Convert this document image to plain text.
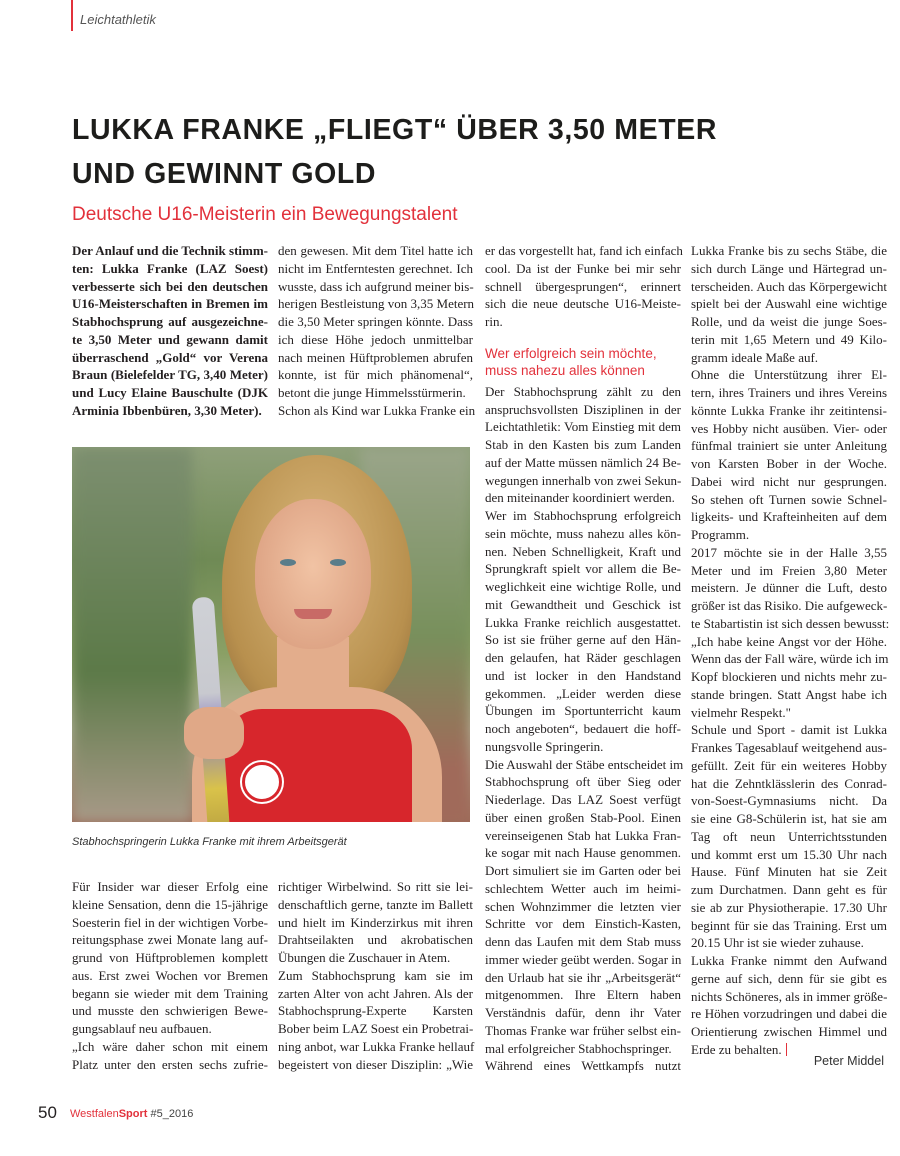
Leichtathletik
LUKKA FRANKE „FLIEGT“ ÜBER 3,50 METER
UND GEWINNT GOLD
Deutsche U16-Meisterin ein Bewegungstalent
Der Anlauf und die Technik stimm-
ten: Lukka Franke (LAZ Soest)
verbesserte sich bei den deutschen
U16-Meisterschaften in Bremen im
Stabhochsprung auf ausgezeichne-
te 3,50 Meter und gewann damit
überraschend „Gold“ vor Verena
Braun (Bielefelder TG, 3,40 Meter)
und Lucy Elaine Bauschulte (DJK
Arminia Ibbenbüren, 3,30 Meter).
den gewesen. Mit dem Titel hatte ich
nicht im Entferntesten gerechnet. Ich
wusste, dass ich aufgrund meiner bis-
herigen Bestleistung von 3,35 Metern
die 3,50 Meter springen könnte. Dass
ich diese Höhe jedoch unmittelbar
nach meinen Hüftproblemen abrufen
konnte, ist für mich phänomenal“,
betont die junge Himmelsstürmerin.
Schon als Kind war Lukka Franke ein
Stabhochspringerin Lukka Franke mit ihrem Arbeitsgerät
Für Insider war dieser Erfolg eine
kleine Sensation, denn die 15-jährige
Soesterin fiel in der wichtigen Vorbe-
reitungsphase zwei Monate lang auf-
grund von Hüftproblemen komplett
aus. Erst zwei Wochen vor Bremen
begann sie wieder mit dem Training
und musste den schwierigen Bewe-
gungsablauf neu aufbauen.
„Ich wäre daher schon mit einem
Platz unter den ersten sechs zufrie-
richtiger Wirbelwind. So ritt sie lei-
denschaftlich gerne, tanzte im Ballett
und hielt im Kinderzirkus mit ihren
Drahtseilakten und akrobatischen
Übungen die Zuschauer in Atem.
Zum Stabhochsprung kam sie im
zarten Alter von acht Jahren. Als der
Stabhochsprung-Experte Karsten
Bober beim LAZ Soest ein Probetrai-
ning anbot, war Lukka Franke hellauf
begeistert von dieser Disziplin: „Wie
er das vorgestellt hat, fand ich einfach
cool. Da ist der Funke bei mir sehr
schnell übergesprungen“, erinnert
sich die neue deutsche U16-Meiste-
rin.
Wer erfolgreich sein möchte,
muss nahezu alles können
Der Stabhochsprung zählt zu den
anspruchsvollsten Disziplinen in der
Leichtathletik: Vom Einstieg mit dem
Stab in den Kasten bis zum Landen
auf der Matte müssen nämlich 24 Be-
wegungen innerhalb von zwei Sekun-
den miteinander koordiniert werden.
Wer im Stabhochsprung erfolgreich
sein möchte, muss nahezu alles kön-
nen. Neben Schnelligkeit, Kraft und
Sprungkraft spielt vor allem die Be-
weglichkeit eine wichtige Rolle, und
mit Gewandtheit und Geschick ist
Lukka Franke reichlich ausgestattet.
So ist sie früher gerne auf den Hän-
den gelaufen, hat Räder geschlagen
und ist locker in den Handstand
gekommen. „Leider werden diese
Übungen im Sportunterricht kaum
noch angeboten“, bedauert die hoff-
nungsvolle Springerin.
Die Auswahl der Stäbe entscheidet im
Stabhochsprung oft über Sieg oder
Niederlage. Das LAZ Soest verfügt
über einen großen Stab-Pool. Einen
vereinseigenen Stab hat Lukka Fran-
ke sogar mit nach Hause genommen.
Dort simuliert sie im Garten oder bei
schlechtem Wetter auch im heimi-
schen Wohnzimmer die letzten vier
Schritte vor dem Einstich-Kasten,
denn das Laufen mit dem Stab muss
immer wieder geübt werden. Sogar in
den Urlaub hat sie ihr „Arbeitsgerät“
mitgenommen. Ihre Eltern haben
Verständnis dafür, denn ihr Vater
Thomas Franke war früher selbst ein-
mal erfolgreicher Stabhochspringer.
Während eines Wettkampfs nutzt
Lukka Franke bis zu sechs Stäbe, die
sich durch Länge und Härtegrad un-
terscheiden. Auch das Körpergewicht
spielt bei der Auswahl eine wichtige
Rolle, und da weist die junge Soes-
terin mit 1,65 Metern und 49 Kilo-
gramm ideale Maße auf.
Ohne die Unterstützung ihrer El-
tern, ihres Trainers und ihres Vereins
könnte Lukka Franke ihr zeitintensi-
ves Hobby nicht ausüben. Vier- oder
fünfmal trainiert sie unter Anleitung
von Karsten Bober in der Woche.
Dabei wird nicht nur gesprungen.
So stehen oft Turnen sowie Schnel-
ligkeits- und Krafteinheiten auf dem
Programm.
2017 möchte sie in der Halle 3,55
Meter und im Freien 3,80 Meter
meistern. Je dünner die Luft, desto
größer ist das Risiko. Die aufgeweck-
te Stabartistin ist sich dessen bewusst:
„Ich habe keine Angst vor der Höhe.
Wenn das der Fall wäre, würde ich im
Kopf blockieren und nichts mehr zu-
stande bringen. Statt Angst habe ich
vielmehr Respekt."
Schule und Sport - damit ist Lukka
Frankes Tagesablauf weitgehend aus-
gefüllt. Zeit für ein weiteres Hobby
hat die Zehntklässlerin des Conrad-
von-Soest-Gymnasiums nicht. Da
sie eine G8-Schülerin ist, hat sie am
Tag oft neun Unterrichtsstunden
und kommt erst um 15.30 Uhr nach
Hause. Fünf Minuten hat sie Zeit
zum Durchatmen. Dann geht es für
sie ab zur Physiotherapie. 17.30 Uhr
beginnt für sie das Training. Erst um
20.15 Uhr ist sie wieder zuhause.
Lukka Franke nimmt den Aufwand
gerne auf sich, denn für sie gibt es
nichts Schöneres, als in immer größe-
re Höhen vorzudringen und dabei die
Orientierung zwischen Himmel und
Erde zu behalten.
Peter Middel
50 WestfalenSport #5_2016
